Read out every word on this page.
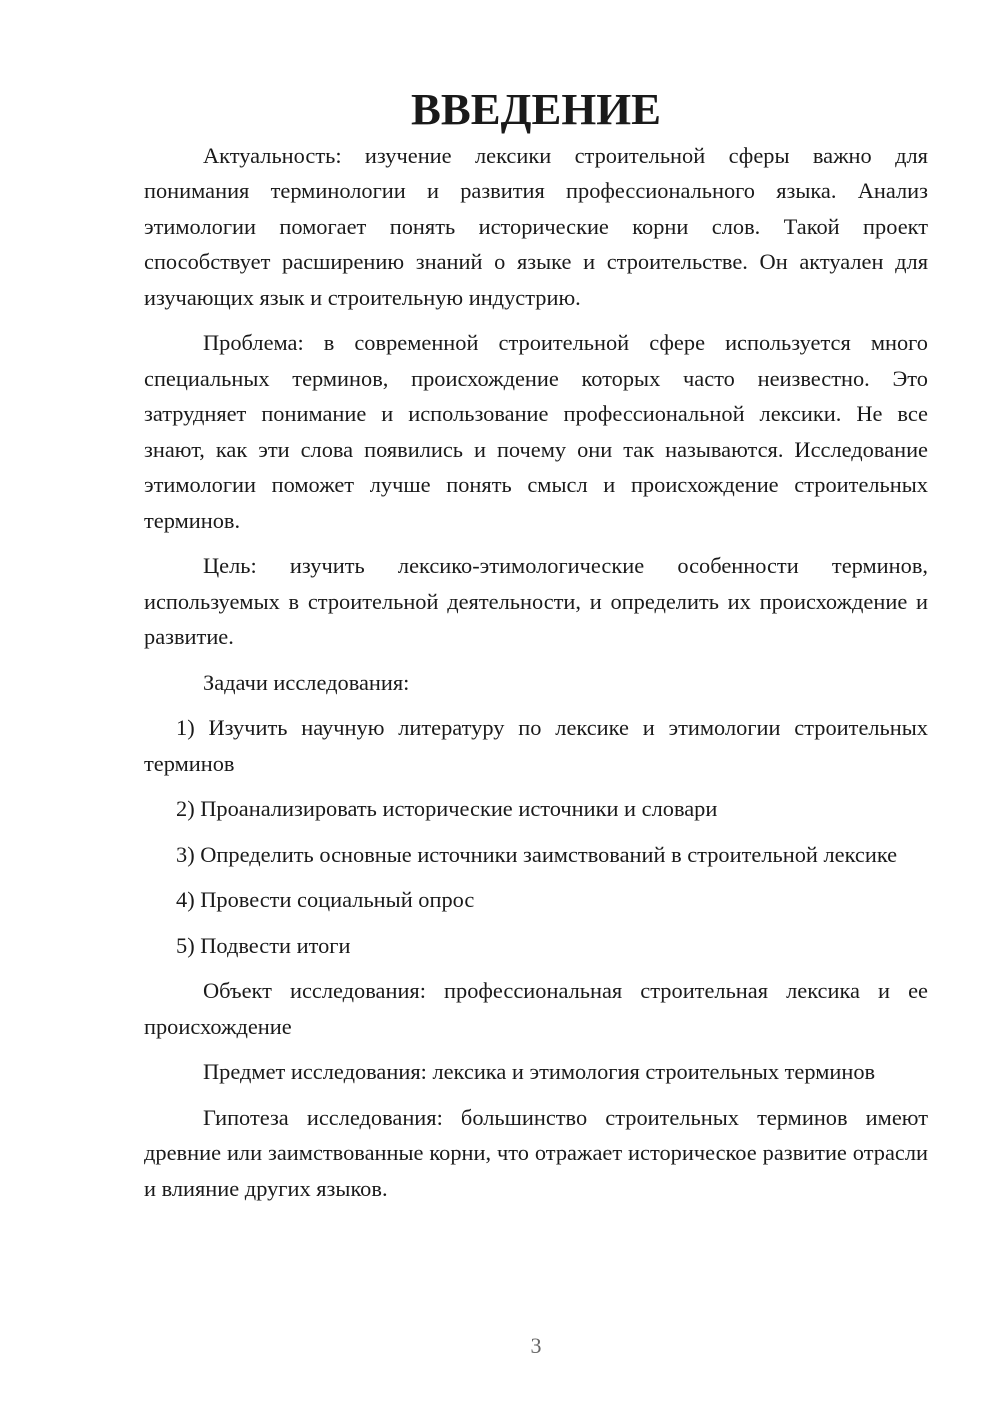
ВВЕДЕНИЕ

Актуальность: изучение лексики строительной сферы важно для понимания терминологии и развития профессионального языка. Анализ этимологии помогает понять исторические корни слов. Такой проект способствует расширению знаний о языке и строительстве. Он актуален для изучающих язык и строительную индустрию.

Проблема: в современной строительной сфере используется много специальных терминов, происхождение которых часто неизвестно. Это затрудняет понимание и использование профессиональной лексики. Не все знают, как эти слова появились и почему они так называются. Исследование этимологии поможет лучше понять смысл и происхождение строительных терминов.

Цель: изучить лексико-этимологические особенности терминов, используемых в строительной деятельности, и определить их происхождение и развитие.

Задачи исследования:

1) Изучить научную литературу по лексике и этимологии строительных терминов

2) Проанализировать исторические источники и словари

3) Определить основные источники заимствований в строительной лексике

4) Провести социальный опрос

5) Подвести итоги

Объект исследования: профессиональная строительная лексика и ее происхождение

Предмет исследования: лексика и этимология строительных терминов

Гипотеза исследования: большинство строительных терминов имеют древние или заимствованные корни, что отражает историческое развитие отрасли и влияние других языков.

3
